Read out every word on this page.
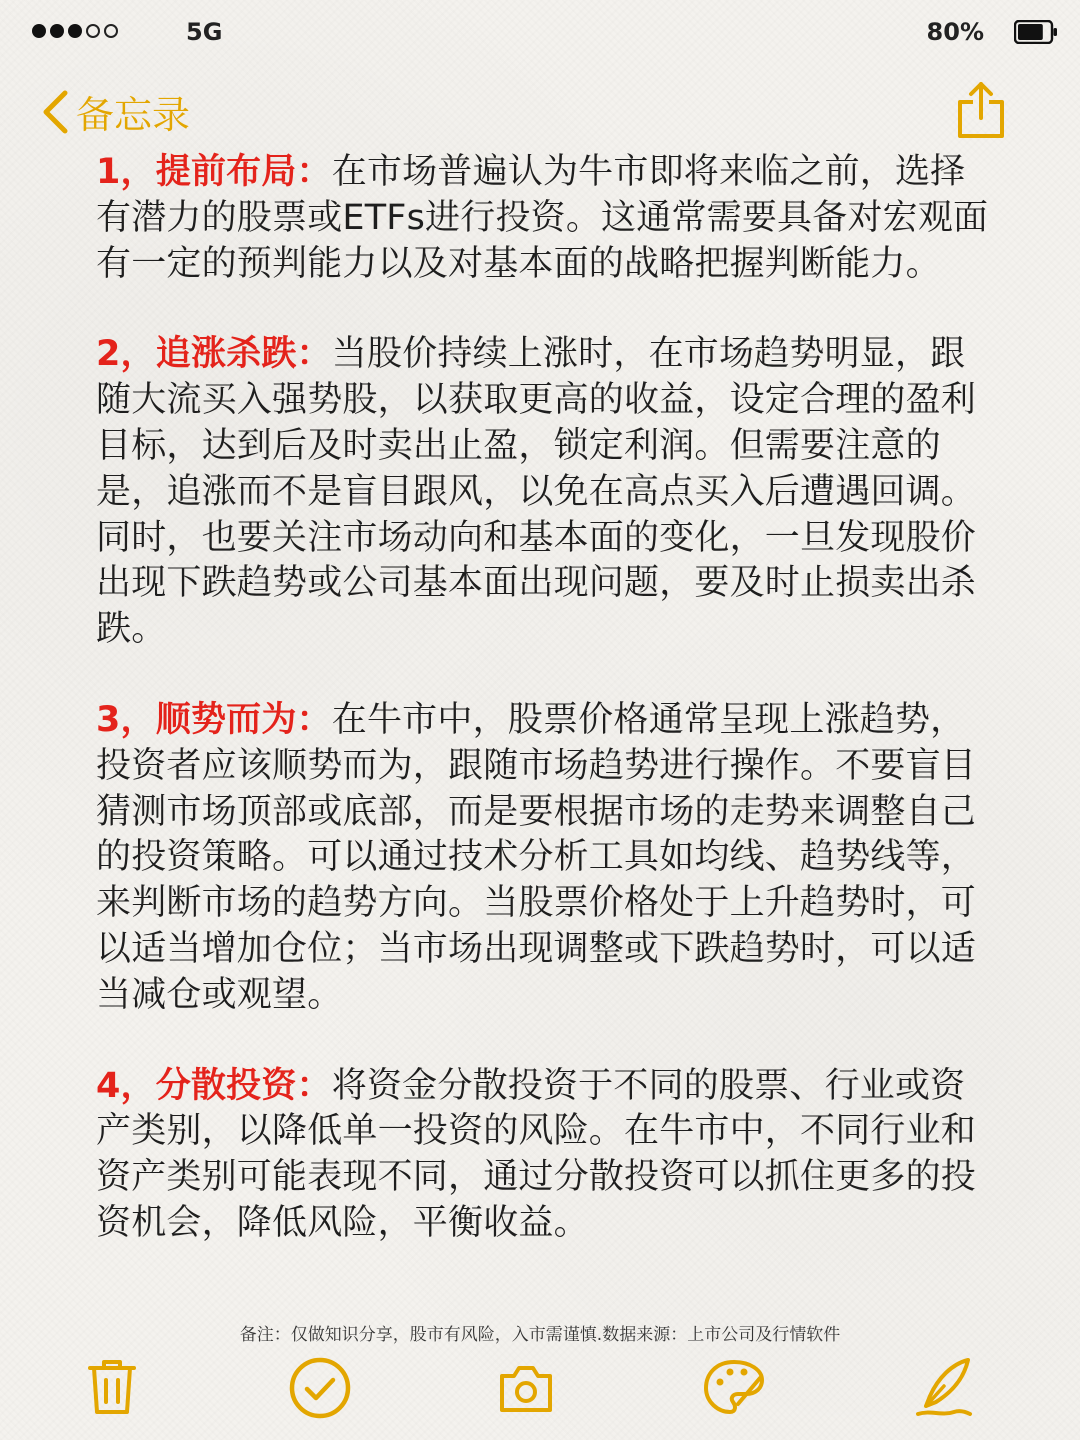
5G	80%
备忘录

1，提前布局：在市场普遍认为牛市即将来临之前，选择有潜力的股票或ETFs进行投资。这通常需要具备对宏观面有一定的预判能力以及对基本面的战略把握判断能力。

2，追涨杀跌：当股价持续上涨时，在市场趋势明显，跟随大流买入强势股，以获取更高的收益，设定合理的盈利目标，达到后及时卖出止盈，锁定利润。但需要注意的是，追涨而不是盲目跟风，以免在高点买入后遭遇回调。同时，也要关注市场动向和基本面的变化，一旦发现股价出现下跌趋势或公司基本面出现问题，要及时止损卖出杀跌。

3，顺势而为：在牛市中，股票价格通常呈现上涨趋势，投资者应该顺势而为，跟随市场趋势进行操作。不要盲目猜测市场顶部或底部，而是要根据市场的走势来调整自己的投资策略。可以通过技术分析工具如均线、趋势线等，来判断市场的趋势方向。当股票价格处于上升趋势时，可以适当增加仓位；当市场出现调整或下跌趋势时，可以适当减仓或观望。

4，分散投资：将资金分散投资于不同的股票、行业或资产类别，以降低单一投资的风险。在牛市中，不同行业和资产类别可能表现不同，通过分散投资可以抓住更多的投资机会，降低风险，平衡收益。

备注：仅做知识分享，股市有风险，入市需谨慎.数据来源：上市公司及行情软件
